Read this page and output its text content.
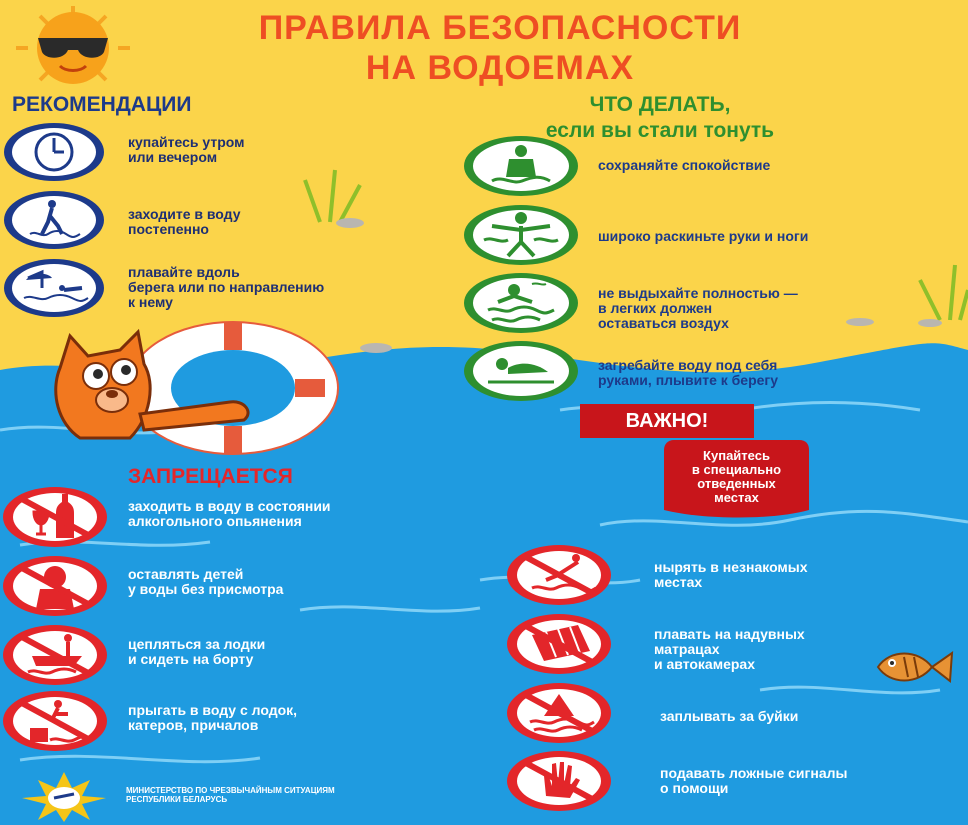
ПРАВИЛА БЕЗОПАСНОСТИ
НА ВОДОЕМАХ
РЕКОМЕНДАЦИИ
купайтесь утром
или вечером
заходите в воду
постепенно
плавайте вдоль
берега или по направлению
к нему
ЧТО ДЕЛАТЬ,
если вы стали тонуть
сохраняйте спокойствие
широко раскиньте руки и ноги
не выдыхайте полностью —
в легких должен
оставаться воздух
загребайте воду под себя
руками, плывите к берегу
ВАЖНО!
Купайтесь
в специально
отведенных
местах
ЗАПРЕЩАЕТСЯ
заходить в воду в состоянии
алкогольного опьянения
оставлять детей
у воды без присмотра
цепляться за лодки
и сидеть на борту
прыгать в воду с лодок,
катеров, причалов
нырять в незнакомых
местах
плавать на надувных
матрацах
и автокамерах
заплывать за буйки
подавать ложные сигналы
о помощи
МИНИСТЕРСТВО ПО ЧРЕЗВЫЧАЙНЫМ СИТУАЦИЯМ
РЕСПУБЛИКИ БЕЛАРУСЬ
